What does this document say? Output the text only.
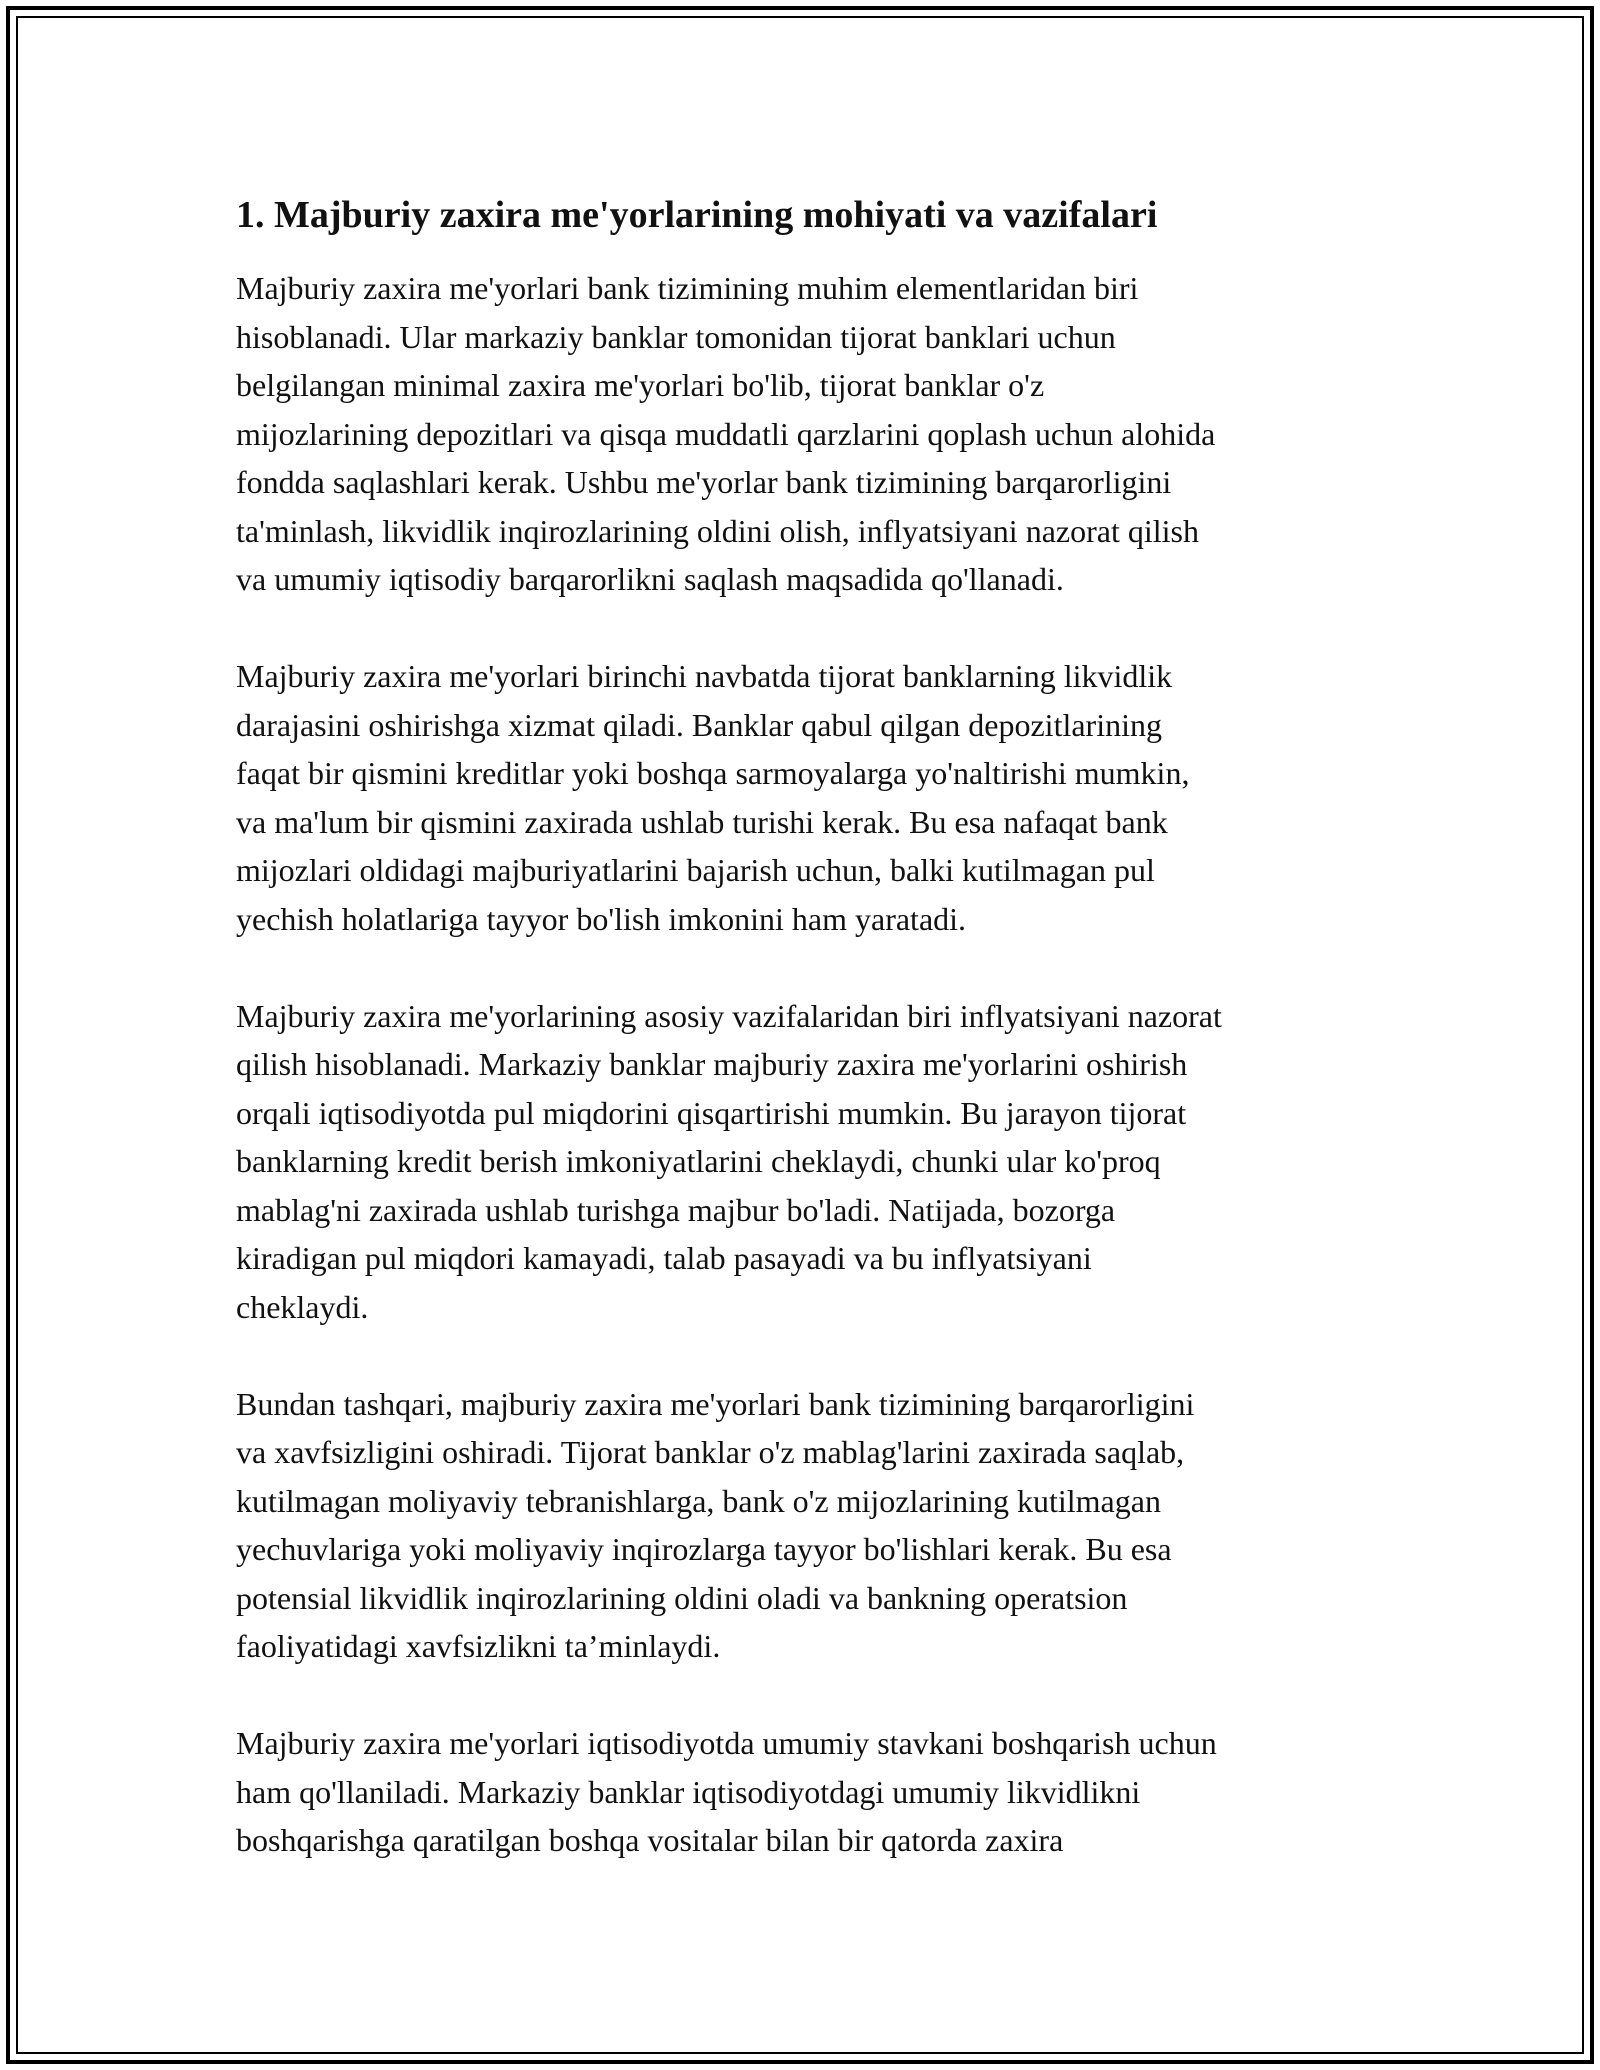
1. Majburiy zaxira me'yorlarining mohiyati va vazifalari

Majburiy zaxira me'yorlari bank tizimining muhim elementlaridan biri
hisoblanadi. Ular markaziy banklar tomonidan tijorat banklari uchun
belgilangan minimal zaxira me'yorlari bo'lib, tijorat banklar o'z
mijozlarining depozitlari va qisqa muddatli qarzlarini qoplash uchun alohida
fondda saqlashlari kerak. Ushbu me'yorlar bank tizimining barqarorligini
ta'minlash, likvidlik inqirozlarining oldini olish, inflyatsiyani nazorat qilish
va umumiy iqtisodiy barqarorlikni saqlash maqsadida qo'llanadi.

Majburiy zaxira me'yorlari birinchi navbatda tijorat banklarning likvidlik
darajasini oshirishga xizmat qiladi. Banklar qabul qilgan depozitlarining
faqat bir qismini kreditlar yoki boshqa sarmoyalarga yo'naltirishi mumkin,
va ma'lum bir qismini zaxirada ushlab turishi kerak. Bu esa nafaqat bank
mijozlari oldidagi majburiyatlarini bajarish uchun, balki kutilmagan pul
yechish holatlariga tayyor bo'lish imkonini ham yaratadi.

Majburiy zaxira me'yorlarining asosiy vazifalaridan biri inflyatsiyani nazorat
qilish hisoblanadi. Markaziy banklar majburiy zaxira me'yorlarini oshirish
orqali iqtisodiyotda pul miqdorini qisqartirishi mumkin. Bu jarayon tijorat
banklarning kredit berish imkoniyatlarini cheklaydi, chunki ular ko'proq
mablag'ni zaxirada ushlab turishga majbur bo'ladi. Natijada, bozorga
kiradigan pul miqdori kamayadi, talab pasayadi va bu inflyatsiyani
cheklaydi.

Bundan tashqari, majburiy zaxira me'yorlari bank tizimining barqarorligini
va xavfsizligini oshiradi. Tijorat banklar o'z mablag'larini zaxirada saqlab,
kutilmagan moliyaviy tebranishlarga, bank o'z mijozlarining kutilmagan
yechuvlariga yoki moliyaviy inqirozlarga tayyor bo'lishlari kerak. Bu esa
potensial likvidlik inqirozlarining oldini oladi va bankning operatsion
faoliyatidagi xavfsizlikni ta’minlaydi.

Majburiy zaxira me'yorlari iqtisodiyotda umumiy stavkani boshqarish uchun
ham qo'llaniladi. Markaziy banklar iqtisodiyotdagi umumiy likvidlikni
boshqarishga qaratilgan boshqa vositalar bilan bir qatorda zaxira
